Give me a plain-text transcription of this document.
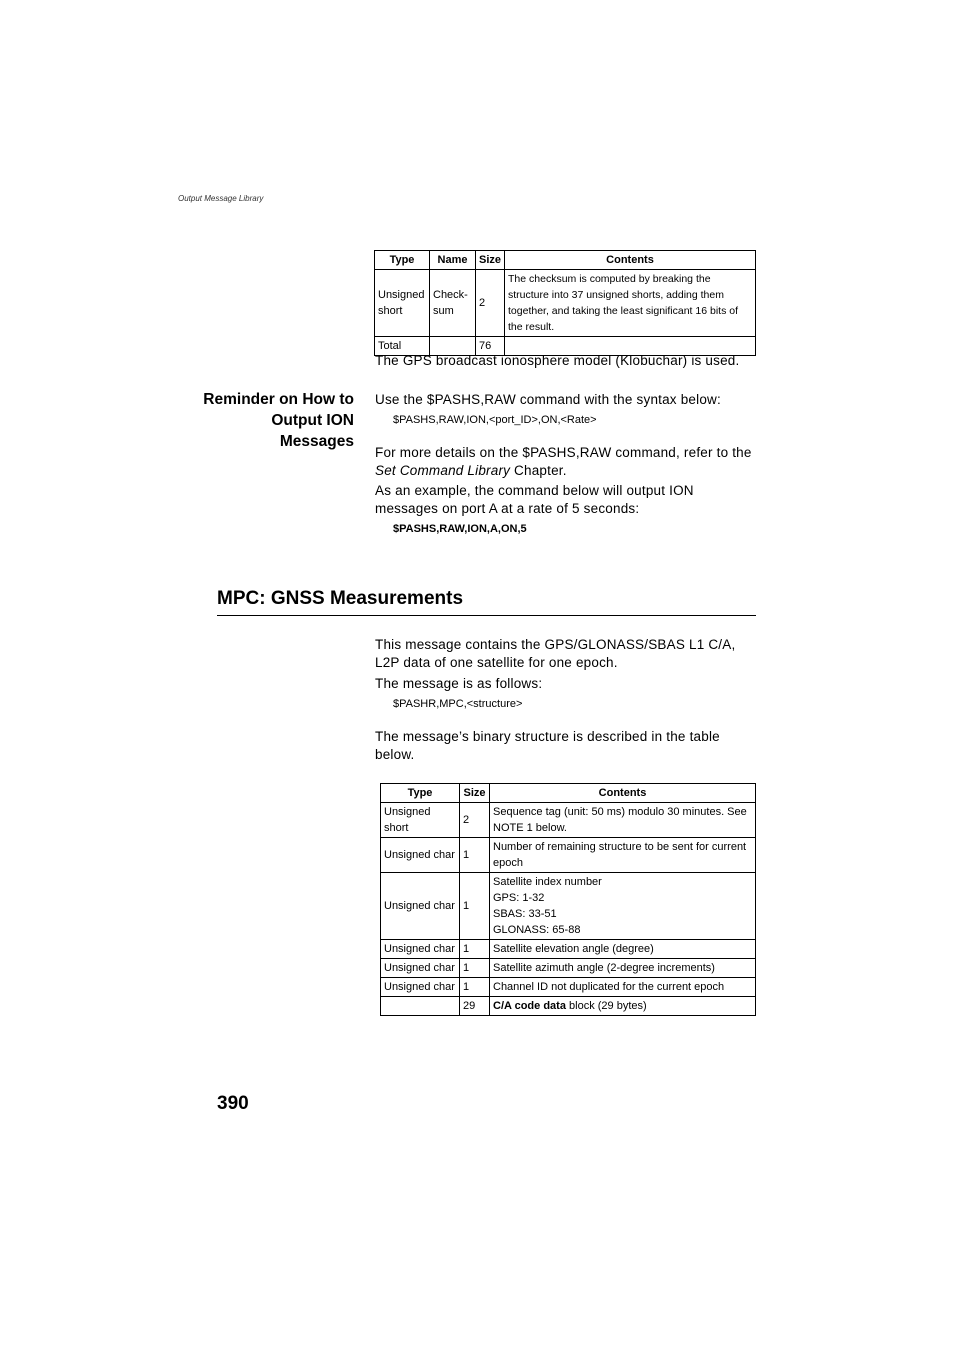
Output Message Library
Type	Name	Size	Contents
Unsigned short	Check-sum	2	The checksum is computed by breaking the structure into 37 unsigned shorts, adding them together, and taking the least significant 16 bits of the result.
Total		76	
The GPS broadcast ionosphere model (Klobuchar) is used.
Reminder on How to Output ION Messages
Use the $PASHS,RAW command with the syntax below:
$PASHS,RAW,ION,<port_ID>,ON,<Rate>
For more details on the $PASHS,RAW command, refer to the Set Command Library Chapter.
As an example, the command below will output ION messages on port A at a rate of 5 seconds:
$PASHS,RAW,ION,A,ON,5
MPC: GNSS Measurements
This message contains the GPS/GLONASS/SBAS L1 C/A, L2P data of one satellite for one epoch.
The message is as follows:
$PASHR,MPC,<structure>
The message’s binary structure is described in the table below.
Type	Size	Contents
Unsigned short	2	Sequence tag (unit: 50 ms) modulo 30 minutes. See NOTE 1 below.
Unsigned char	1	Number of remaining structure to be sent for current epoch
Unsigned char	1	Satellite index number
GPS: 1-32
SBAS: 33-51
GLONASS: 65-88

Unsigned char	1	Satellite elevation angle (degree)
Unsigned char	1	Satellite azimuth angle (2-degree increments)
Unsigned char	1	Channel ID not duplicated for the current epoch
	29	C/A code data block (29 bytes)
390
